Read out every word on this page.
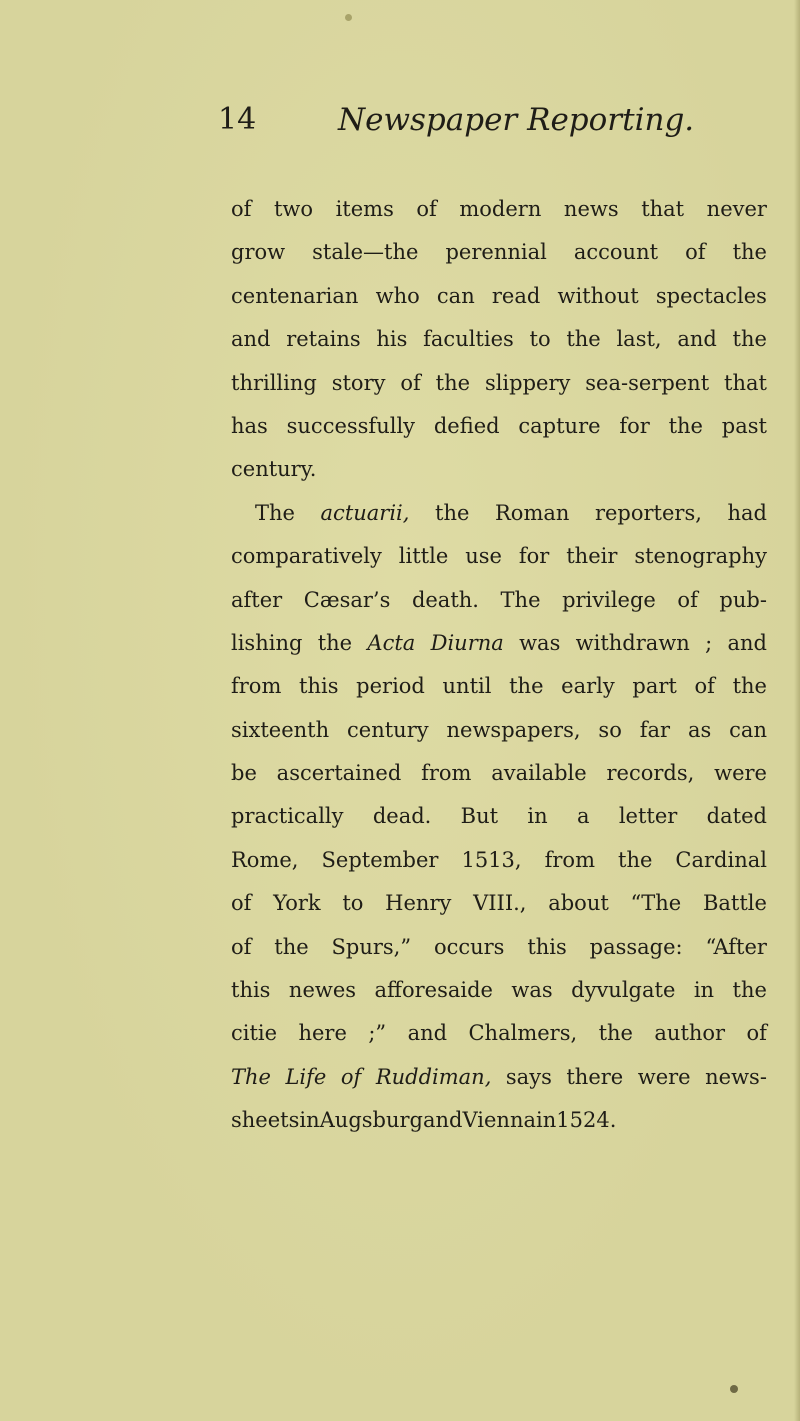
14	Newspaper Reporting.
of two items of modern news that never
grow stale—the perennial account of the
centenarian who can read without spectacles
and retains his faculties to the last, and the
thrilling story of the slippery sea-serpent that
has successfully defied capture for the past
century.
The actuarii, the Roman reporters, had
comparatively little use for their stenography
after Cæsar’s death. The privilege of pub-
lishing the Acta Diurna was withdrawn ; and
from this period until the early part of the
sixteenth century newspapers, so far as can
be ascertained from available records, were
practically dead. But in a letter dated
Rome, September 1513, from the Cardinal
of York to Henry VIII., about “The Battle
of the Spurs,” occurs this passage: “After
this newes afforesaide was dyvulgate in the
citie here ;” and Chalmers, the author of
The Life of Ruddiman, says there were news-
sheets in Augsburg and Vienna in 1524.
